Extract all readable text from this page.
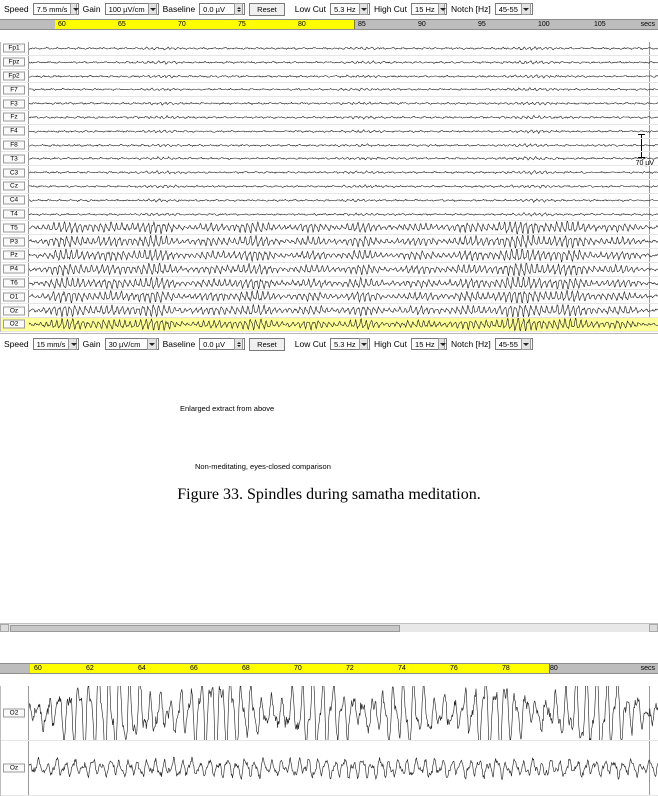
Speed 7.5 mm/s Gain 100 µV/cm Baseline 0.0 µV	Reset	Low Cut 5.3 Hz High Cut 15 Hz Notch [Hz] 45-55
60	65	70	75	80	85	90	95	100	105	secs
70 µV
Fp1
Fpz
Fp2
F7
F3
Fz
F4
F8
T3
C3
Cz
C4
T4
T5
P3
Pz
P4
T6
O1
Oz
O2
Speed 15 mm/s Gain 30 µV/cm	Baseline 0.0 µV	Reset	Low Cut 5.3 Hz High Cut 15 Hz Notch [Hz] 45-55
60	62	64	66	68	70	72	74	76	78	80	secs
O2
Oz
Enlarged extract from above
Non-meditating, eyes-closed comparison
Figure 33. Spindles during samatha meditation.
